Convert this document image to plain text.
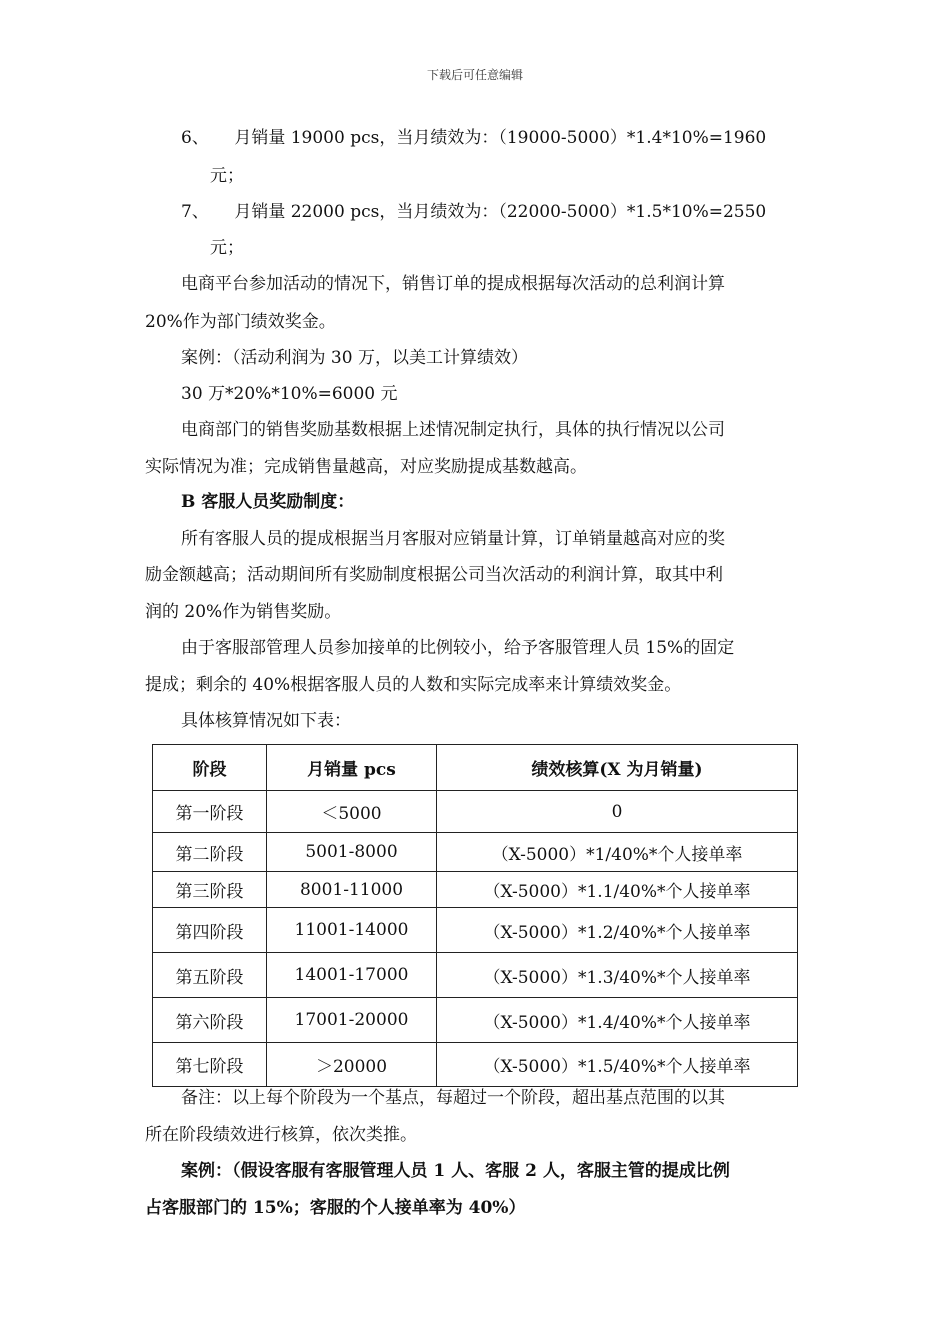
下载后可任意编辑
6、　　月销量 19000 pcs，当月绩效为：（19000-5000）*1.4*10%=1960
元；
7、　　月销量 22000 pcs，当月绩效为：（22000-5000）*1.5*10%=2550
元；
电商平台参加活动的情况下，销售订单的提成根据每次活动的总利润计算
20%作为部门绩效奖金。
案例：（活动利润为 30 万，以美工计算绩效）
30 万*20%*10%=6000 元
电商部门的销售奖励基数根据上述情况制定执行，具体的执行情况以公司
实际情况为准；完成销售量越高，对应奖励提成基数越高。
B 客服人员奖励制度：
所有客服人员的提成根据当月客服对应销量计算，订单销量越高对应的奖
励金额越高；活动期间所有奖励制度根据公司当次活动的利润计算，取其中利
润的 20%作为销售奖励。
由于客服部管理人员参加接单的比例较小，给予客服管理人员 15%的固定
提成；剩余的 40%根据客服人员的人数和实际完成率来计算绩效奖金。
具体核算情况如下表：
阶段	月销量 pcs	绩效核算(X 为月销量)
第一阶段	＜5000	0
第二阶段	5001-8000	（X-5000）*1/40%*个人接单率
第三阶段	8001-11000	（X-5000）*1.1/40%*个人接单率
第四阶段	11001-14000	（X-5000）*1.2/40%*个人接单率
第五阶段	14001-17000	（X-5000）*1.3/40%*个人接单率
第六阶段	17001-20000	（X-5000）*1.4/40%*个人接单率
第七阶段	＞20000	（X-5000）*1.5/40%*个人接单率
备注：以上每个阶段为一个基点，每超过一个阶段，超出基点范围的以其
所在阶段绩效进行核算，依次类推。
案例：（假设客服有客服管理人员 1 人、客服 2 人，客服主管的提成比例
占客服部门的 15%；客服的个人接单率为 40%）
